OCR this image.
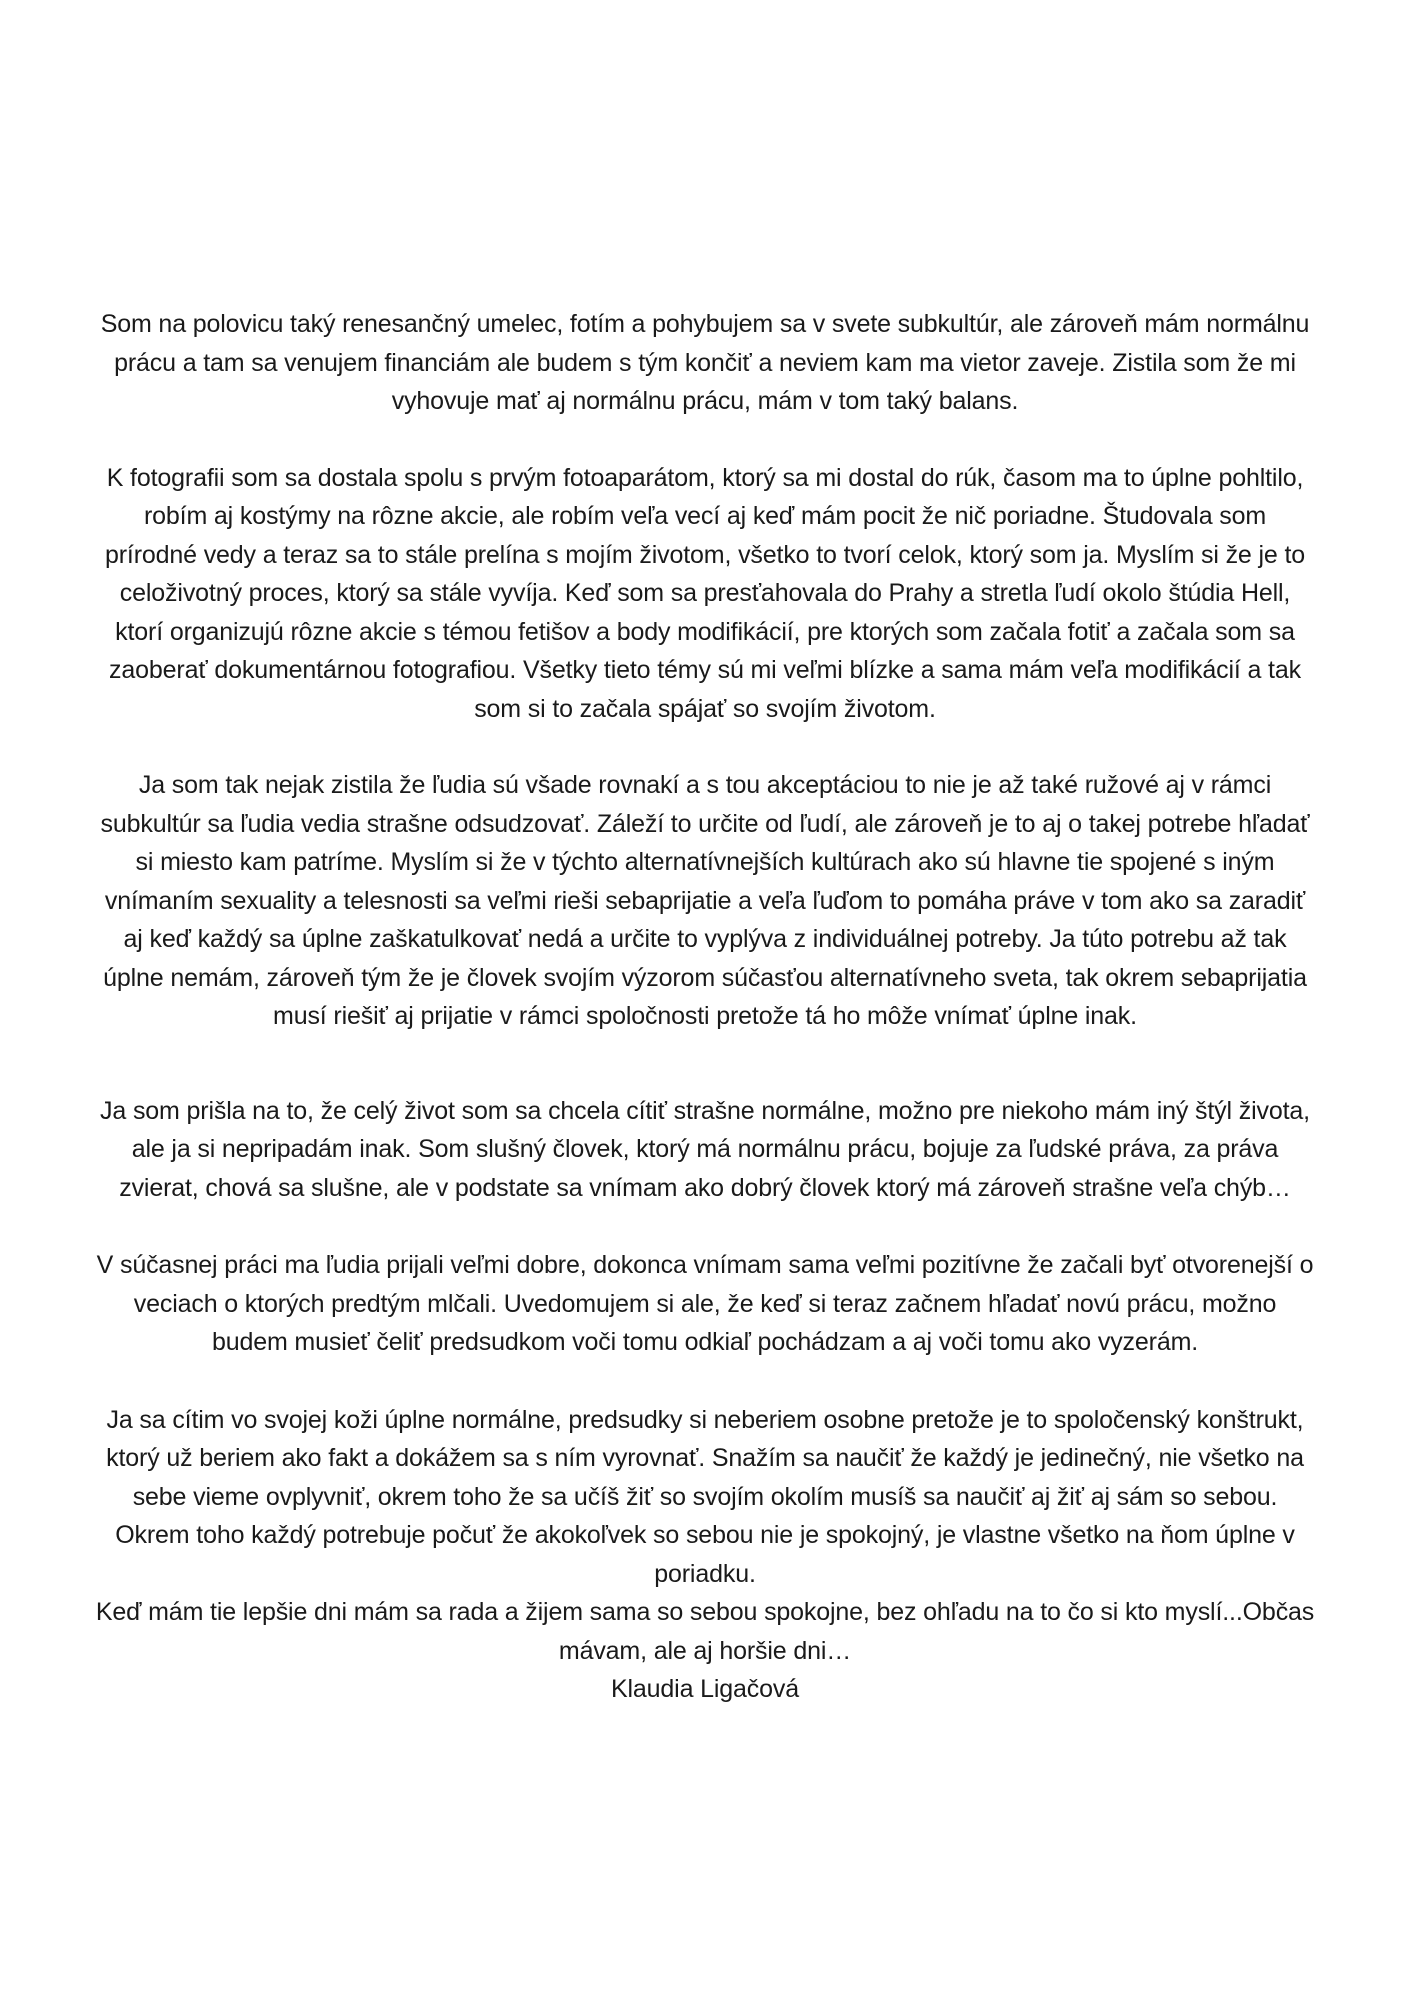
Som na polovicu taký renesančný umelec, fotím a pohybujem sa v svete subkultúr, ale zároveň mám normálnu prácu a tam sa venujem financiám ale budem s tým končiť a neviem kam ma vietor zaveje. Zistila som že mi vyhovuje mať aj normálnu prácu, mám v tom taký balans.

K fotografii som sa dostala spolu s prvým fotoaparátom, ktorý sa mi dostal do rúk, časom ma to úplne pohltilo, robím aj kostýmy na rôzne akcie, ale robím veľa vecí aj keď mám pocit že nič poriadne. Študovala som prírodné vedy a teraz sa to stále prelína s mojím životom, všetko to tvorí celok, ktorý som ja. Myslím si že je to celoživotný proces, ktorý sa stále vyvíja. Keď som sa presťahovala do Prahy a stretla ľudí okolo štúdia Hell, ktorí organizujú rôzne akcie s témou fetišov a body modifikácií, pre ktorých som začala fotiť a začala som sa zaoberať dokumentárnou fotografiou. Všetky tieto témy sú mi veľmi blízke a sama mám veľa modifikácií a tak som si to začala spájať so svojím životom.

Ja som tak nejak zistila že ľudia sú všade rovnakí a s tou akceptáciou to nie je až také ružové aj v rámci subkultúr sa ľudia vedia strašne odsudzovať. Záleží to určite od ľudí, ale zároveň je to aj o takej potrebe hľadať si miesto kam patríme. Myslím si že v týchto alternatívnejších kultúrach ako sú hlavne tie spojené s iným vnímaním sexuality a telesnosti sa veľmi rieši sebaprijatie a veľa ľuďom to pomáha práve v tom ako sa zaradiť aj keď každý sa úplne zaškatulkovať nedá a určite to vyplýva z individuálnej potreby. Ja túto potrebu až tak úplne nemám, zároveň tým že je človek svojím výzorom súčasťou alternatívneho sveta, tak okrem sebaprijatia musí riešiť aj prijatie v rámci spoločnosti pretože tá ho môže vnímať úplne inak.

Ja som prišla na to, že celý život som sa chcela cítiť strašne normálne, možno pre niekoho mám iný štýl života, ale ja si nepripadám inak. Som slušný človek, ktorý má normálnu prácu, bojuje za ľudské práva, za práva zvierat, chová sa slušne, ale v podstate sa vnímam ako dobrý človek ktorý má zároveň strašne veľa chýb…

V súčasnej práci ma ľudia prijali veľmi dobre, dokonca vnímam sama veľmi pozitívne že začali byť otvorenejší o veciach o ktorých predtým mlčali. Uvedomujem si ale, že keď si teraz začnem hľadať novú prácu, možno budem musieť čeliť predsudkom voči tomu odkiaľ pochádzam a aj voči tomu ako vyzerám.

Ja sa cítim vo svojej koži úplne normálne, predsudky si neberiem osobne pretože je to spoločenský konštrukt, ktorý už beriem ako fakt a dokážem sa s ním vyrovnať. Snažím sa naučiť že každý je jedinečný, nie všetko na sebe vieme ovplyvniť, okrem toho že sa učíš žiť so svojím okolím musíš sa naučiť aj žiť aj sám so sebou. Okrem toho každý potrebuje počuť že akokoľvek so sebou nie je spokojný, je vlastne všetko na ňom úplne v poriadku.

Keď mám tie lepšie dni mám sa rada a žijem sama so sebou spokojne, bez ohľadu na to čo si kto myslí...Občas mávam, ale aj horšie dni…

Klaudia Ligačová
